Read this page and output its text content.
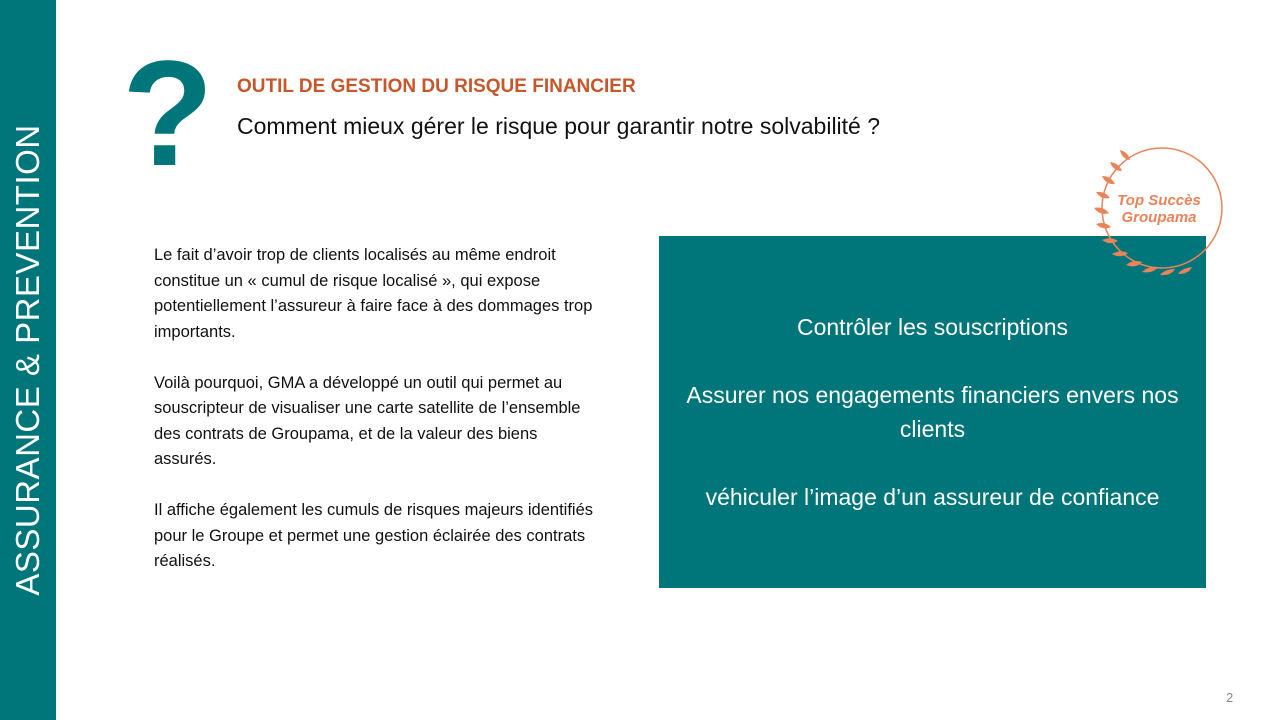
ASSURANCE & PREVENTION
? OUTIL DE GESTION DU RISQUE FINANCIER
Comment mieux gérer le risque pour garantir notre solvabilité ?

Le fait d’avoir trop de clients localisés au même endroit constitue un « cumul de risque localisé », qui expose potentiellement l’assureur à faire face à des dommages trop importants.

Voilà pourquoi, GMA a développé un outil qui permet au souscripteur de visualiser une carte satellite de l’ensemble des contrats de Groupama, et de la valeur des biens assurés.

Il affiche également les cumuls de risques majeurs identifiés pour le Groupe et permet une gestion éclairée des contrats réalisés.

Contrôler les souscriptions

Assurer nos engagements financiers envers nos clients

véhiculer l’image d’un assureur de confiance

Top Succès
Groupama
2
